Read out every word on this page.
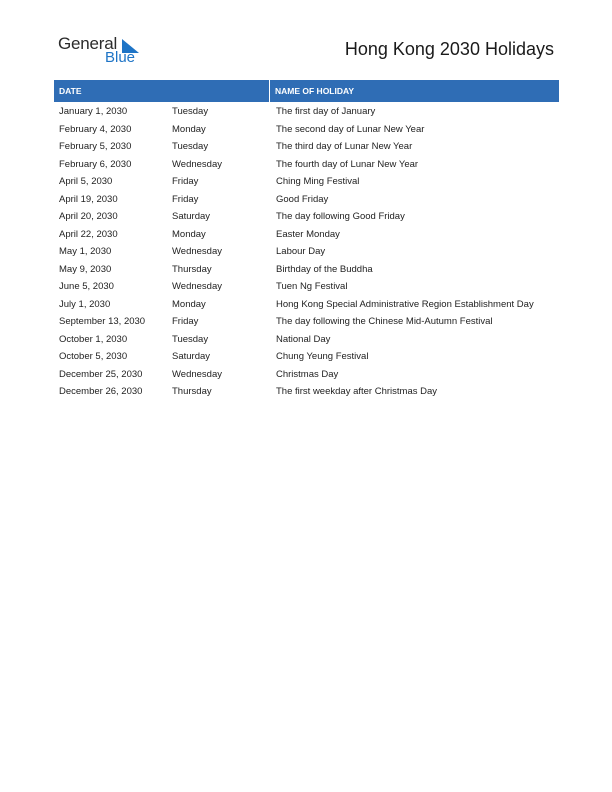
General
Blue	Hong Kong 2030 Holidays
DATE	NAME OF HOLIDAY
January 1, 2030	Tuesday	The first day of January
February 4, 2030	Monday	The second day of Lunar New Year
February 5, 2030	Tuesday	The third day of Lunar New Year
February 6, 2030	Wednesday	The fourth day of Lunar New Year
April 5, 2030	Friday	Ching Ming Festival
April 19, 2030	Friday	Good Friday
April 20, 2030	Saturday	The day following Good Friday
April 22, 2030	Monday	Easter Monday
May 1, 2030	Wednesday	Labour Day
May 9, 2030	Thursday	Birthday of the Buddha
June 5, 2030	Wednesday	Tuen Ng Festival
July 1, 2030	Monday	Hong Kong Special Administrative Region Establishment Day
September 13, 2030	Friday	The day following the Chinese Mid-Autumn Festival
October 1, 2030	Tuesday	National Day
October 5, 2030	Saturday	Chung Yeung Festival
December 25, 2030	Wednesday	Christmas Day
December 26, 2030	Thursday	The first weekday after Christmas Day
